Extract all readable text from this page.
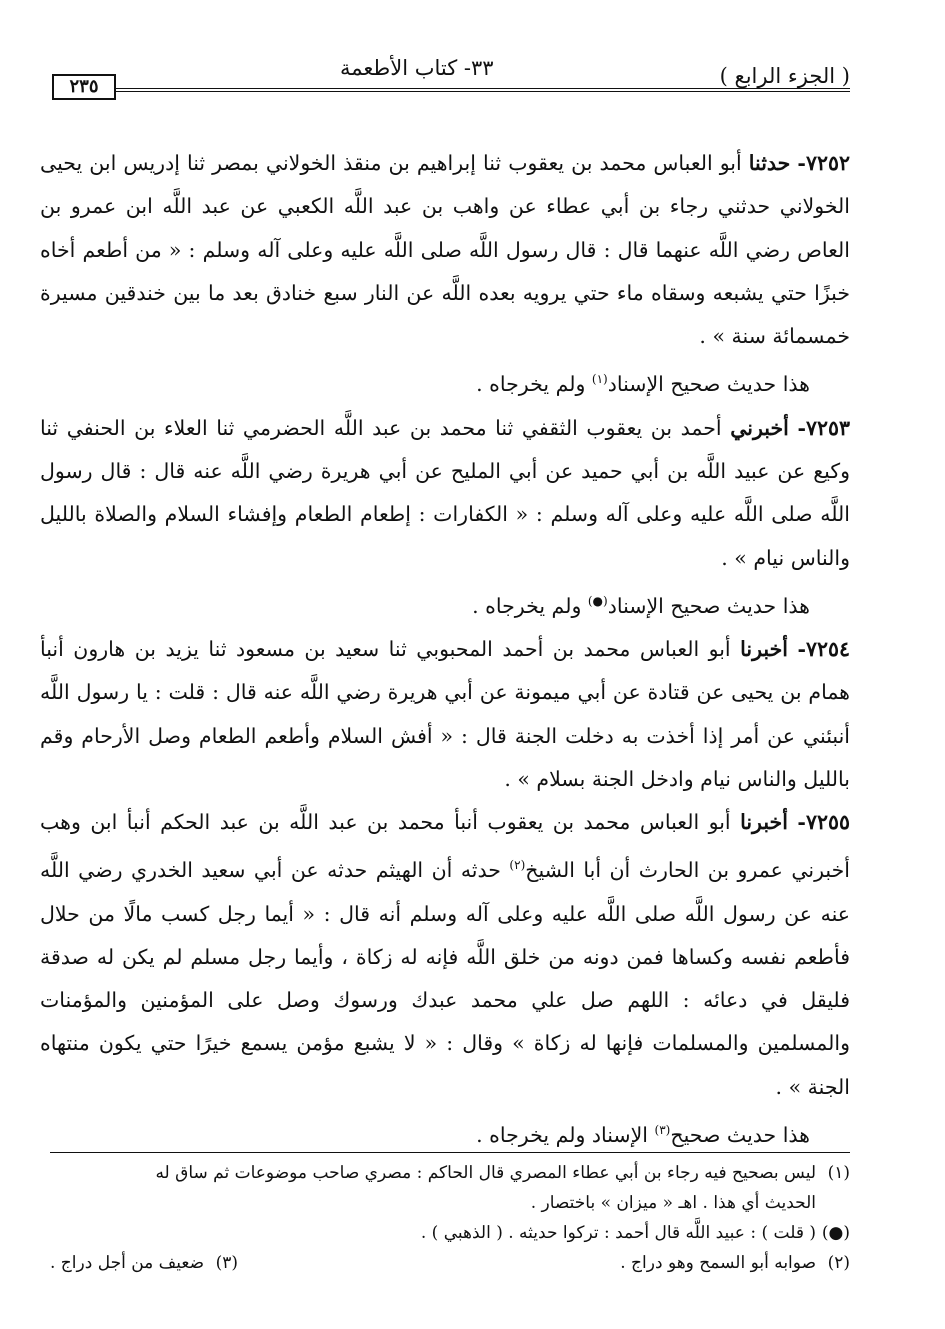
( الجزء الرابع )
٣٣- كتاب الأطعمة
٢٣٥

٧٢٥٢- حدثنا أبو العباس محمد بن يعقوب ثنا إبراهيم بن منقذ الخولاني بمصر ثنا إدريس ابن يحيى الخولاني حدثني رجاء بن أبي عطاء عن واهب بن عبد اللَّه الكعبي عن عبد اللَّه ابن عمرو بن العاص رضي اللَّه عنهما قال : قال رسول اللَّه صلى اللَّه عليه وعلى آله وسلم : « من أطعم أخاه خبزًا حتي يشبعه وسقاه ماء حتي يرويه بعده اللَّه عن النار سبع خنادق بعد ما بين خندقين مسيرة خمسمائة سنة » .

هذا حديث صحيح الإسناد$^{(١)}$ ولم يخرجاه .

٧٢٥٣- أخبرني أحمد بن يعقوب الثقفي ثنا محمد بن عبد اللَّه الحضرمي ثنا العلاء بن الحنفي ثنا وكيع عن عبيد اللَّه بن أبي حميد عن أبي المليح عن أبي هريرة رضي اللَّه عنه قال : قال رسول اللَّه صلى اللَّه عليه وعلى آله وسلم : « الكفارات : إطعام الطعام وإفشاء السلام والصلاة بالليل والناس نيام » .

هذا حديث صحيح الإسناد(●) ولم يخرجاه .

٧٢٥٤- أخبرنا أبو العباس محمد بن أحمد المحبوبي ثنا سعيد بن مسعود ثنا يزيد بن هارون أنبأ همام بن يحيى عن قتادة عن أبي ميمونة عن أبي هريرة رضي اللَّه عنه قال : قلت : يا رسول اللَّه أنبئني عن أمر إذا أخذت به دخلت الجنة قال : « أفش السلام وأطعم الطعام وصل الأرحام وقم بالليل والناس نيام وادخل الجنة بسلام » .

٧٢٥٥- أخبرنا أبو العباس محمد بن يعقوب أنبأ محمد بن عبد اللَّه بن عبد الحكم أنبأ ابن وهب أخبرني عمرو بن الحارث أن أبا الشيخ$^{(٢)}$ حدثه أن الهيثم حدثه عن أبي سعيد الخدري رضي اللَّه عنه عن رسول اللَّه صلى اللَّه عليه وعلى آله وسلم أنه قال : « أيما رجل كسب مالًا من حلال فأطعم نفسه وكساها فمن دونه من خلق اللَّه فإنه له زكاة ، وأيما رجل مسلم لم يكن له صدقة فليقل في دعائه : اللهم صل علي محمد عبدك ورسوك وصل على المؤمنين والمؤمنات والمسلمين والمسلمات فإنها له زكاة » وقال : « لا يشبع مؤمن يسمع خيرًا حتي يكون منتهاه الجنة » .

هذا حديث صحيح$^{(٣)}$ الإسناد ولم يخرجاه .

(١)ليس بصحيح فيه رجاء بن أبي عطاء المصري قال الحاكم : مصري صاحب موضوعات ثم ساق له

الحديث أي هذا . اهـ « ميزان » باختصار .

(●)( قلت ) : عبيد اللَّه قال أحمد : تركوا حديثه . ( الذهبي ) .

(٢)صوابه أبو السمح وهو دراج .

(٣)ضعيف من أجل دراج .
